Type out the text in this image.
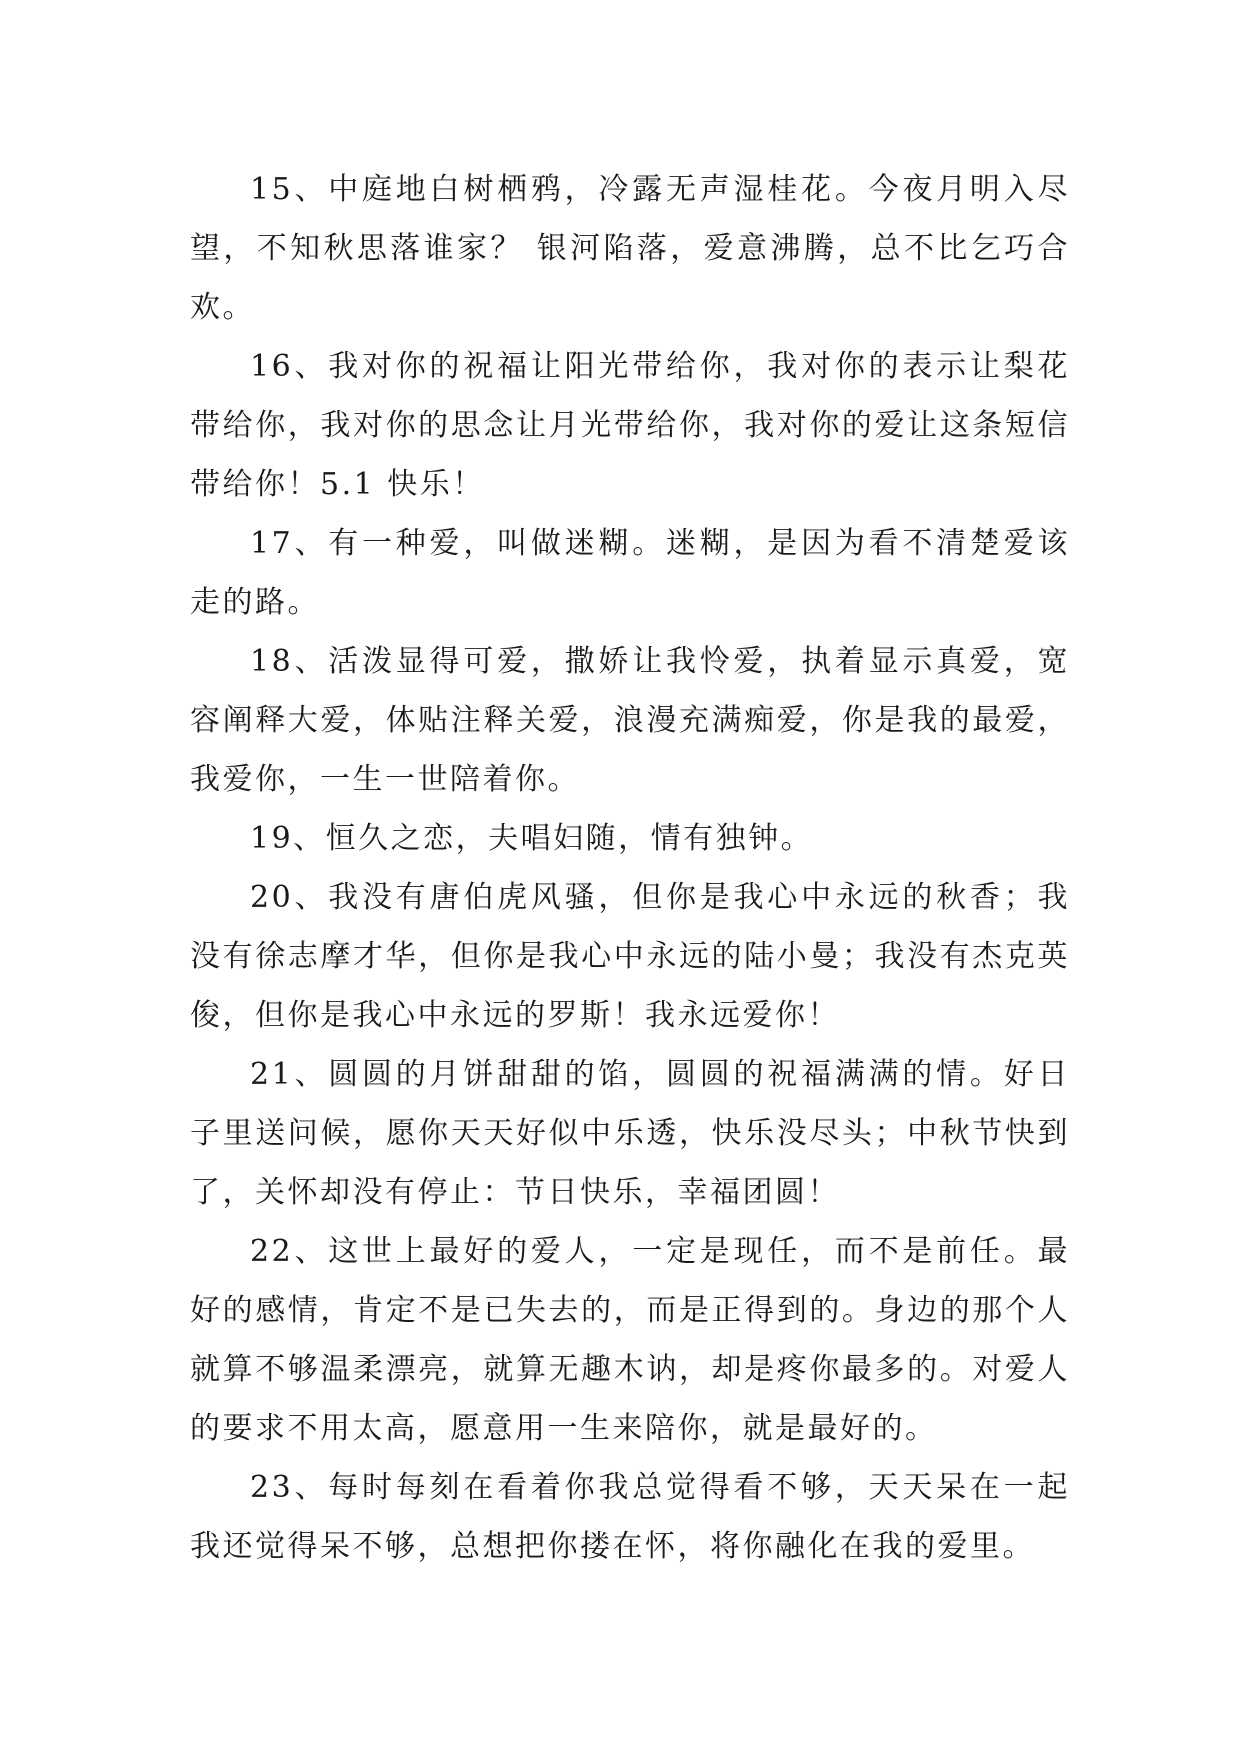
15、中庭地白树栖鸦，冷露无声湿桂花。今夜月明入尽望，不知秋思落谁家？ 银河陷落，爱意沸腾，总不比乞巧合欢。

16、我对你的祝福让阳光带给你，我对你的表示让梨花带给你，我对你的思念让月光带给你，我对你的爱让这条短信带给你！5.1 快乐！

17、有一种爱，叫做迷糊。迷糊，是因为看不清楚爱该走的路。

18、活泼显得可爱，撒娇让我怜爱，执着显示真爱，宽容阐释大爱，体贴注释关爱，浪漫充满痴爱，你是我的最爱，我爱你，一生一世陪着你。

19、恒久之恋，夫唱妇随，情有独钟。

20、我没有唐伯虎风骚，但你是我心中永远的秋香；我没有徐志摩才华，但你是我心中永远的陆小曼；我没有杰克英俊，但你是我心中永远的罗斯！我永远爱你！

21、圆圆的月饼甜甜的馅，圆圆的祝福满满的情。好日子里送问候，愿你天天好似中乐透，快乐没尽头；中秋节快到了，关怀却没有停止：节日快乐，幸福团圆！

22、这世上最好的爱人，一定是现任，而不是前任。最好的感情，肯定不是已失去的，而是正得到的。身边的那个人就算不够温柔漂亮，就算无趣木讷，却是疼你最多的。对爱人的要求不用太高，愿意用一生来陪你，就是最好的。

23、每时每刻在看着你我总觉得看不够，天天呆在一起我还觉得呆不够，总想把你搂在怀，将你融化在我的爱里。
